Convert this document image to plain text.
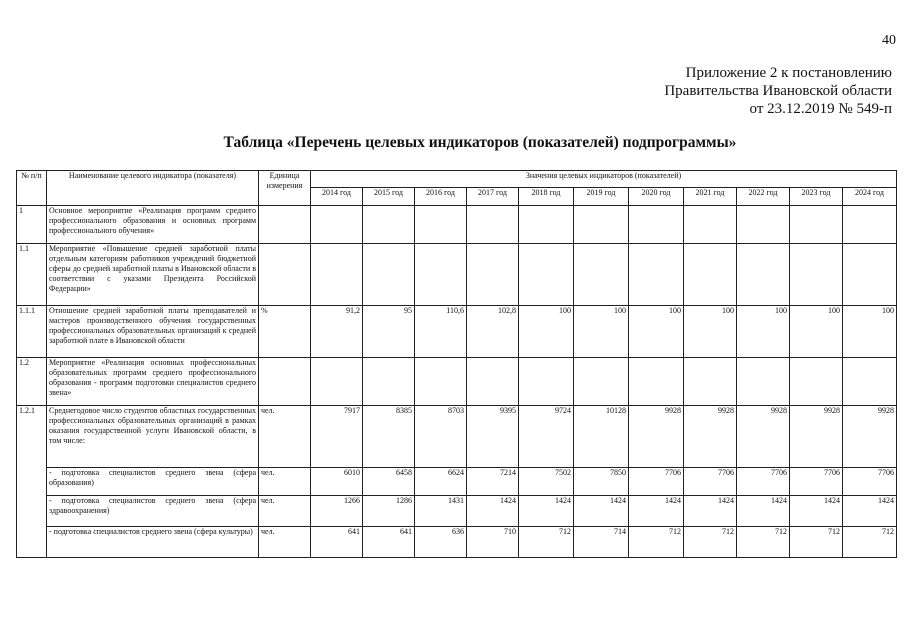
40
Приложение 2 к постановлению
Правительства Ивановской области
от 23.12.2019 № 549-п
Таблица «Перечень целевых индикаторов (показателей) подпрограммы»
№ п/п	Наименование целевого индикатора (показателя)	Единица измерения	Значения целевых индикаторов (показателей)										
			2014 год	2015 год	2016 год	2017 год	2018 год	2019 год	2020 год	2021 год	2022 год	2023 год	2024 год
1	Основное мероприятие «Реализация программ среднего профессионального образования и основных программ профессионального обучения»												
1.1	Мероприятие «Повышение средней заработной платы отдельным категориям работников учреждений бюджетной сферы до средней заработной платы в Ивановской области в соответствии с указами Президента Российской Федерации»												
1.1.1	Отношение средней заработной платы преподавателей и мастеров производственного обучения государственных профессиональных образовательных организаций к средней заработной плате в Ивановской области	%	91,2	95	110,6	102,8	100	100	100	100	100	100	100
1.2	Мероприятие «Реализация основных профессиональных образовательных программ среднего профессионального образования - программ подготовки специалистов среднего звена»												
1.2.1	Среднегодовое число студентов областных государственных профессиональных образовательных организаций в рамках оказания государственной услуги Ивановской области, в том числе:	чел.	7917	8385	8703	9395	9724	10128	9928	9928	9928	9928	9928
	- подготовка специалистов среднего звена (сфера образования)	чел.	6010	6458	6624	7214	7502	7850	7706	7706	7706	7706	7706
	- подготовка специалистов среднего звена (сфера здравоохранения)	чел.	1266	1286	1431	1424	1424	1424	1424	1424	1424	1424	1424
	- подготовка специалистов среднего звена (сфера культуры)	чел.	641	641	636	710	712	714	712	712	712	712	712
